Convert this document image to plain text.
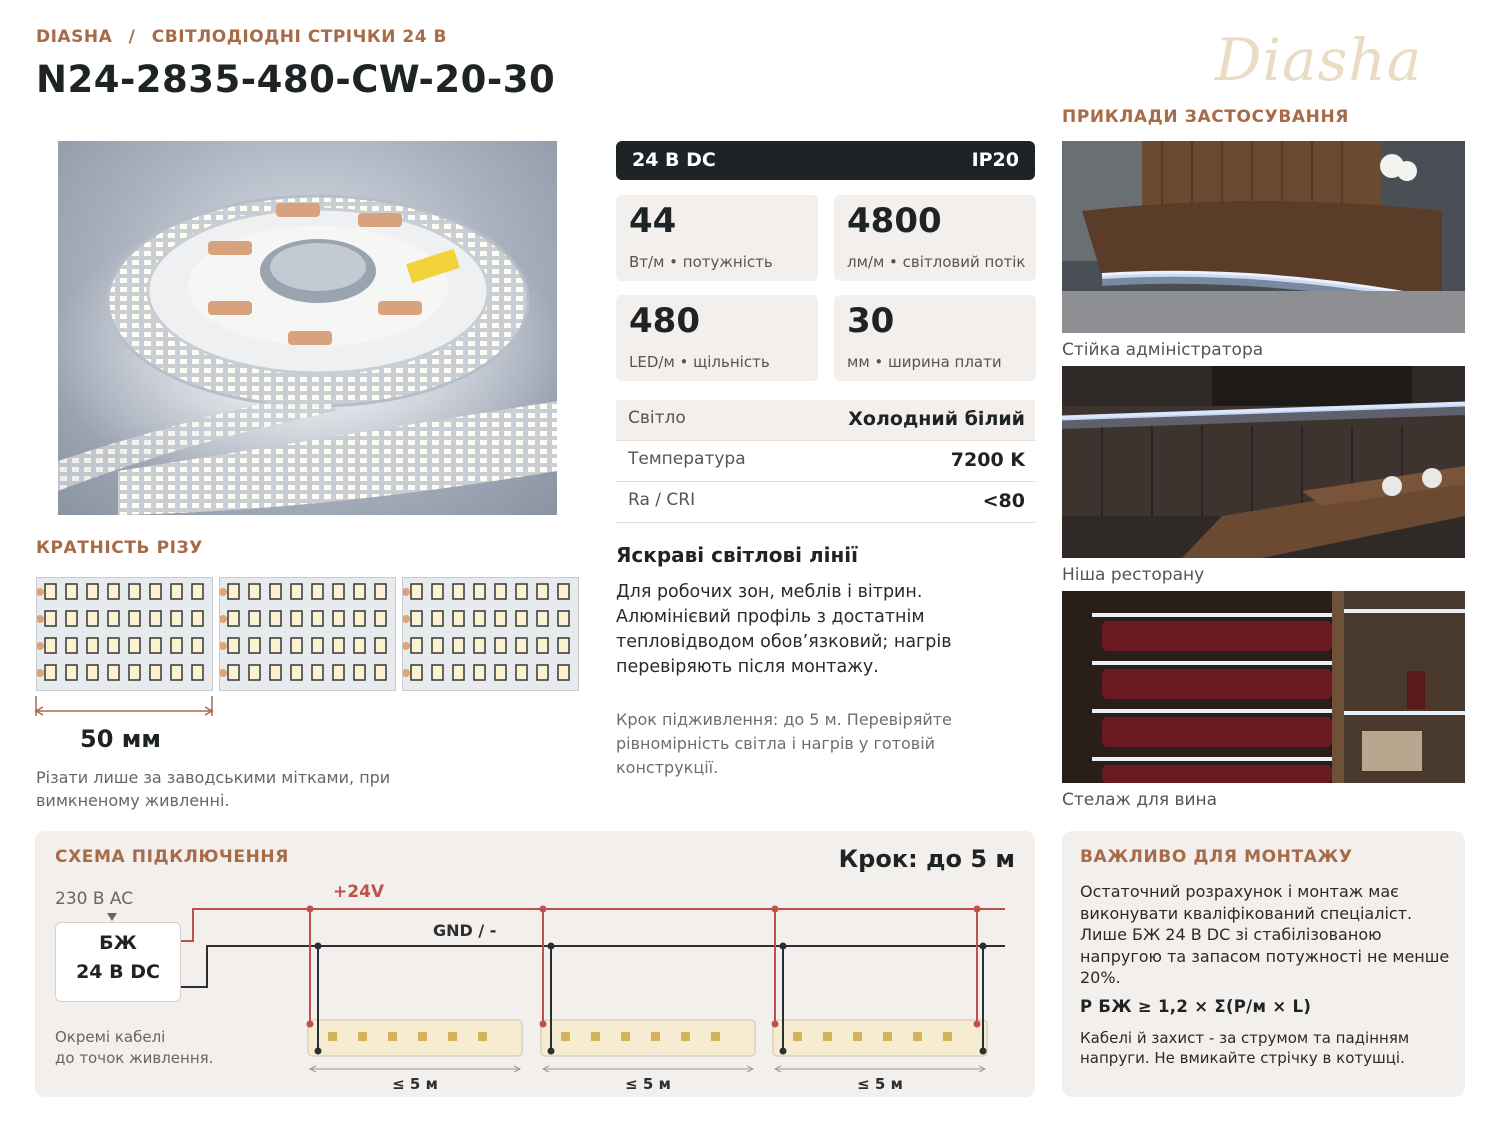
DIASHA / СВІТЛОДІОДНІ СТРІЧКИ 24 В
N24-2835-480-CW-20-30	Diasha
24 В DC	IP20
44
Вт/м • потужність
4800
лм/м • світловий потік
480
LED/м • щільність
30
мм • ширина плати
Світло	Холодний білий
Температура	7200 K
Ra / CRI	<80
Яскраві світлові лінії
Для робочих зон, меблів і вітрин. Алюмінієвий профіль з достатнім тепловідводом обов’язковий; нагрів перевіряють після монтажу.
Крок підживлення: до 5 м. Перевіряйте рівномірність світла і нагрів у готовій конструкції.
КРАТНІСТЬ РІЗУ
50 мм
Різати лише за заводськими мітками, при вимкненому живленні.
ПРИКЛАДИ ЗАСТОСУВАННЯ
Стійка адміністратора
Ніша ресторану
Стелаж для вина
СХЕМА ПІДКЛЮЧЕННЯ	Крок: до 5 м
230 В AC
БЖ
24 В DC
Окремі кабелі
до точок живлення.
+24V
GND / -
≤ 5 м	≤ 5 м	≤ 5 м
ВАЖЛИВО ДЛЯ МОНТАЖУ
Остаточний розрахунок і монтаж має виконувати кваліфікований спеціаліст. Лише БЖ 24 В DC зі стабілізованою напругою та запасом потужності не менше 20%.
P БЖ ≥ 1,2 × Σ(P/м × L)
Кабелі й захист - за струмом та падінням напруги. Не вмикайте стрічку в котушці.
